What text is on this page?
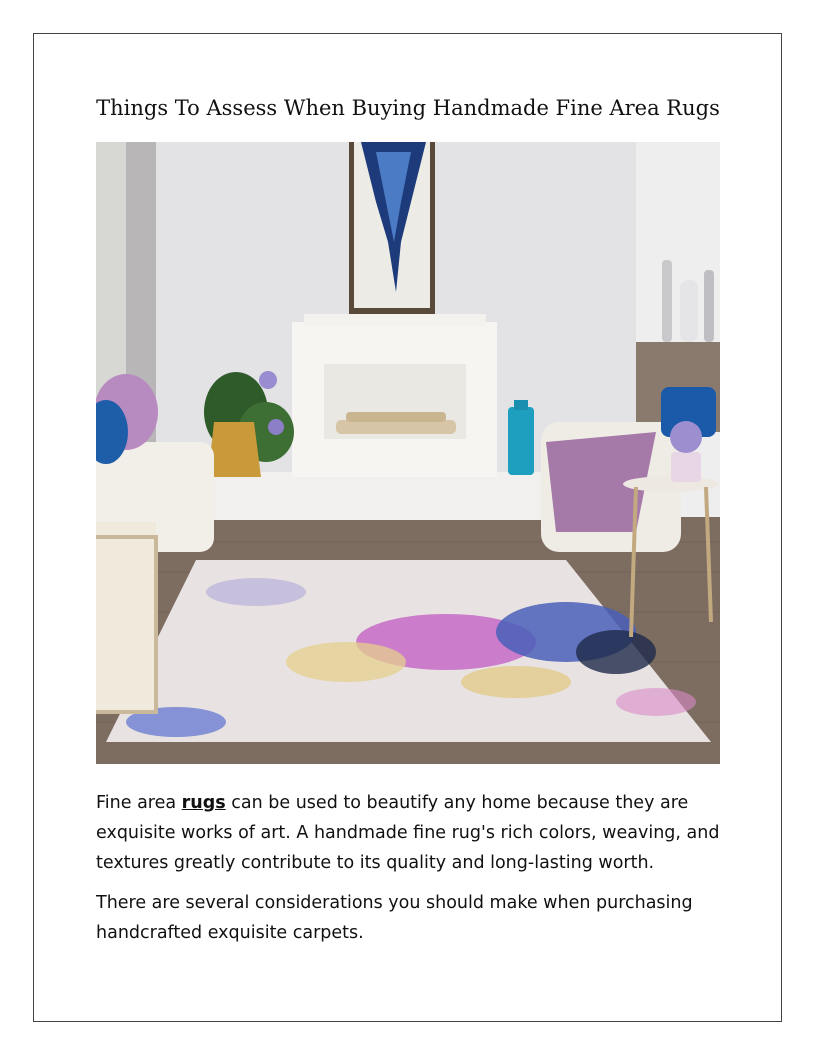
Things To Assess When Buying Handmade Fine Area Rugs

Fine area rugs can be used to beautify any home because they are exquisite works of art. A handmade fine rug's rich colors, weaving, and textures greatly contribute to its quality and long-lasting worth.

There are several considerations you should make when purchasing handcrafted exquisite carpets.
